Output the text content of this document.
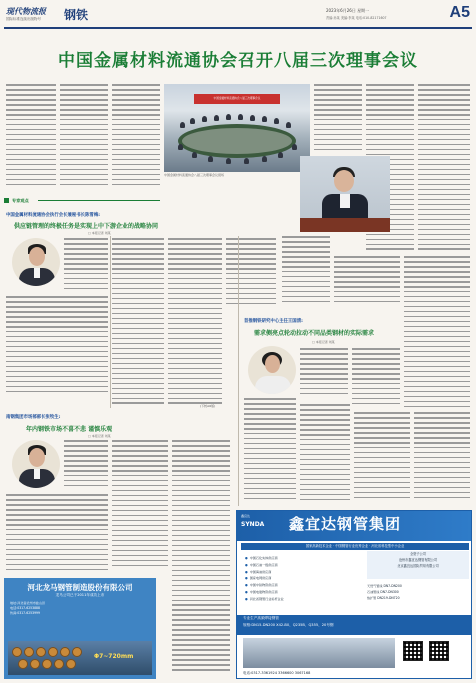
现代物流报
国际标准连续出版物号 钢铁	2023年6月26日 星期一
责编:孙某 美编:李某 电话:010-82171607	A5
中国金属材料流通协会召开八届三次理事会议
中国金属材料流通协会八届三次理事会议
中国金属材料流通协会八届三次理事会议现场
专家观点
中国金属材料流通协会执行会长兼秘书长陈雪梅:
供应链管理的终极任务是实现上中下游企业的战略协同
□ 本报记者 刘某
(下转A6版)
首推钢铁研究中心主任王国清:
需求侧亮点轮动拉动不同品类钢材的实际需求
□ 本报记者 刘某
南钢集团市场部部长张牧生:
年内钢铁市场不喜不悲 谨慎乐观
□ 本报记者 刘某
河北龙马钢管制造股份有限公司
龙马公司已于2011年成功上市
地址:河北省沧州市盐山县
电话:0317-6253888
传真:0317-6253999
Φ7~720mm
鑫宜达
SYNDA 鑫宜达钢管集团
国家高新技术企业 · 中国钢管行业优秀企业 · 河北省科技型中小企业
● 中国石化实体供应商
● 中国石油一级供应商
● 中国海油供应商
● 国家电网供应商
● 中国中铁物资供应商
● 中国电建物资供应商
● 河北省钢管行业标杆企业
全资子公司
沧州市鑫宜达钢管有限公司
北京鑫宜达国际贸易有限公司
天然气管线 DN7-DN200
石油管线 DN7-DN300
热扩管 DN219-DN720
专业生产高频焊接钢管
规格:DN15-DN200 X42-B0、Q235B、Q355、20号钢
电话:0317-3361924 3366600 3067168
